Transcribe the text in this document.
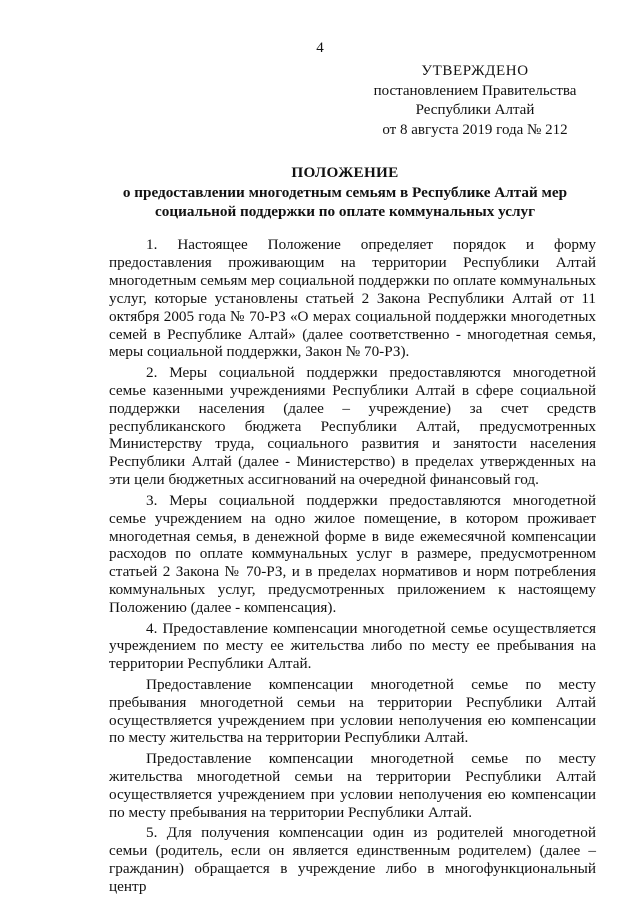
4
УТВЕРЖДЕНО
постановлением Правительства
Республики Алтай
от 8 августа 2019 года № 212
ПОЛОЖЕНИЕ
о предоставлении многодетным семьям в Республике Алтай мер социальной поддержки по оплате коммунальных услуг

1. Настоящее Положение определяет порядок и форму предоставления проживающим на территории Республики Алтай многодетным семьям мер социальной поддержки по оплате коммунальных услуг, которые установлены статьей 2 Закона Республики Алтай от 11 октября 2005 года № 70-РЗ «О мерах социальной поддержки многодетных семей в Республике Алтай» (далее соответственно - многодетная семья, меры социальной поддержки, Закон № 70-РЗ).

2. Меры социальной поддержки предоставляются многодетной семье казенными учреждениями Республики Алтай в сфере социальной поддержки населения (далее – учреждение) за счет средств республиканского бюджета Республики Алтай, предусмотренных Министерству труда, социального развития и занятости населения Республики Алтай (далее - Министерство) в пределах утвержденных на эти цели бюджетных ассигнований на очередной финансовый год.

3. Меры социальной поддержки предоставляются многодетной семье учреждением на одно жилое помещение, в котором проживает многодетная семья, в денежной форме в виде ежемесячной компенсации расходов по оплате коммунальных услуг в размере, предусмотренном статьей 2 Закона № 70-РЗ, и в пределах нормативов и норм потребления коммунальных услуг, предусмотренных приложением к настоящему Положению (далее - компенсация).

4. Предоставление компенсации многодетной семье осуществляется учреждением по месту ее жительства либо по месту ее пребывания на территории Республики Алтай.

Предоставление компенсации многодетной семье по месту пребывания многодетной семьи на территории Республики Алтай осуществляется учреждением при условии неполучения ею компенсации по месту жительства на территории Республики Алтай.

Предоставление компенсации многодетной семье по месту жительства многодетной семьи на территории Республики Алтай осуществляется учреждением при условии неполучения ею компенсации по месту пребывания на территории Республики Алтай.

5. Для получения компенсации один из родителей многодетной семьи (родитель, если он является единственным родителем) (далее – гражданин) обращается в учреждение либо в многофункциональный центр
